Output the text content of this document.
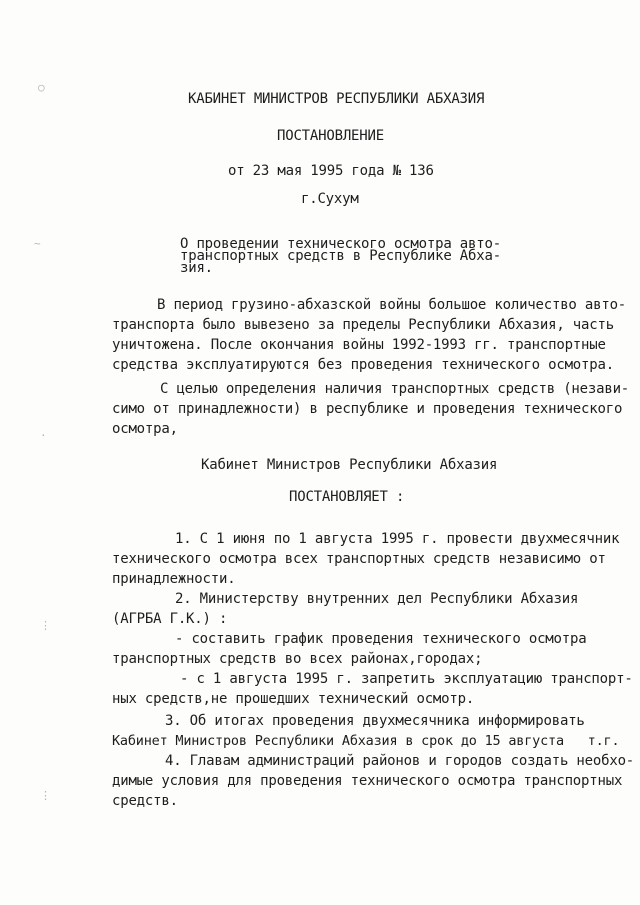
○
~
·
⋮
⋮
КАБИНЕТ МИНИСТРОВ РЕСПУБЛИКИ АБХАЗИЯ
ПОСТАНОВЛЕНИЕ
от 23 мая 1995 года № 136
г.Сухум
О проведении технического осмотра авто-
транспортных средств в Республике Абха-
зия.
В период грузино-абхазской войны большое количество авто-
транспорта было вывезено за пределы Республики Абхазия, часть
уничтожена. После окончания войны 1992-1993 гг. транспортные
средства эксплуатируются без проведения технического осмотра.
С целью определения наличия транспортных средств (незави-
симо от принадлежности) в республике и проведения технического
осмотра,
Кабинет Министров Республики Абхазия
ПОСТАНОВЛЯЕТ :
1. С 1 июня по 1 августа 1995 г. провести двухмесячник
технического осмотра всех транспортных средств независимо от
принадлежности.
2. Министерству внутренних дел Республики Абхазия
(АГРБА Г.К.) :
- составить график проведения технического осмотра
транспортных средств во всех районах,городах;
- с 1 августа 1995 г. запретить эксплуатацию транспорт-
ных средств,не прошедших технический осмотр.
3. Об итогах проведения двухмесячника информировать
Кабинет Министров Республики Абхазия в срок до 15 августа   т.г.
4. Главам администраций районов и городов создать необхо-
димые условия для проведения технического осмотра транспортных
средств.
